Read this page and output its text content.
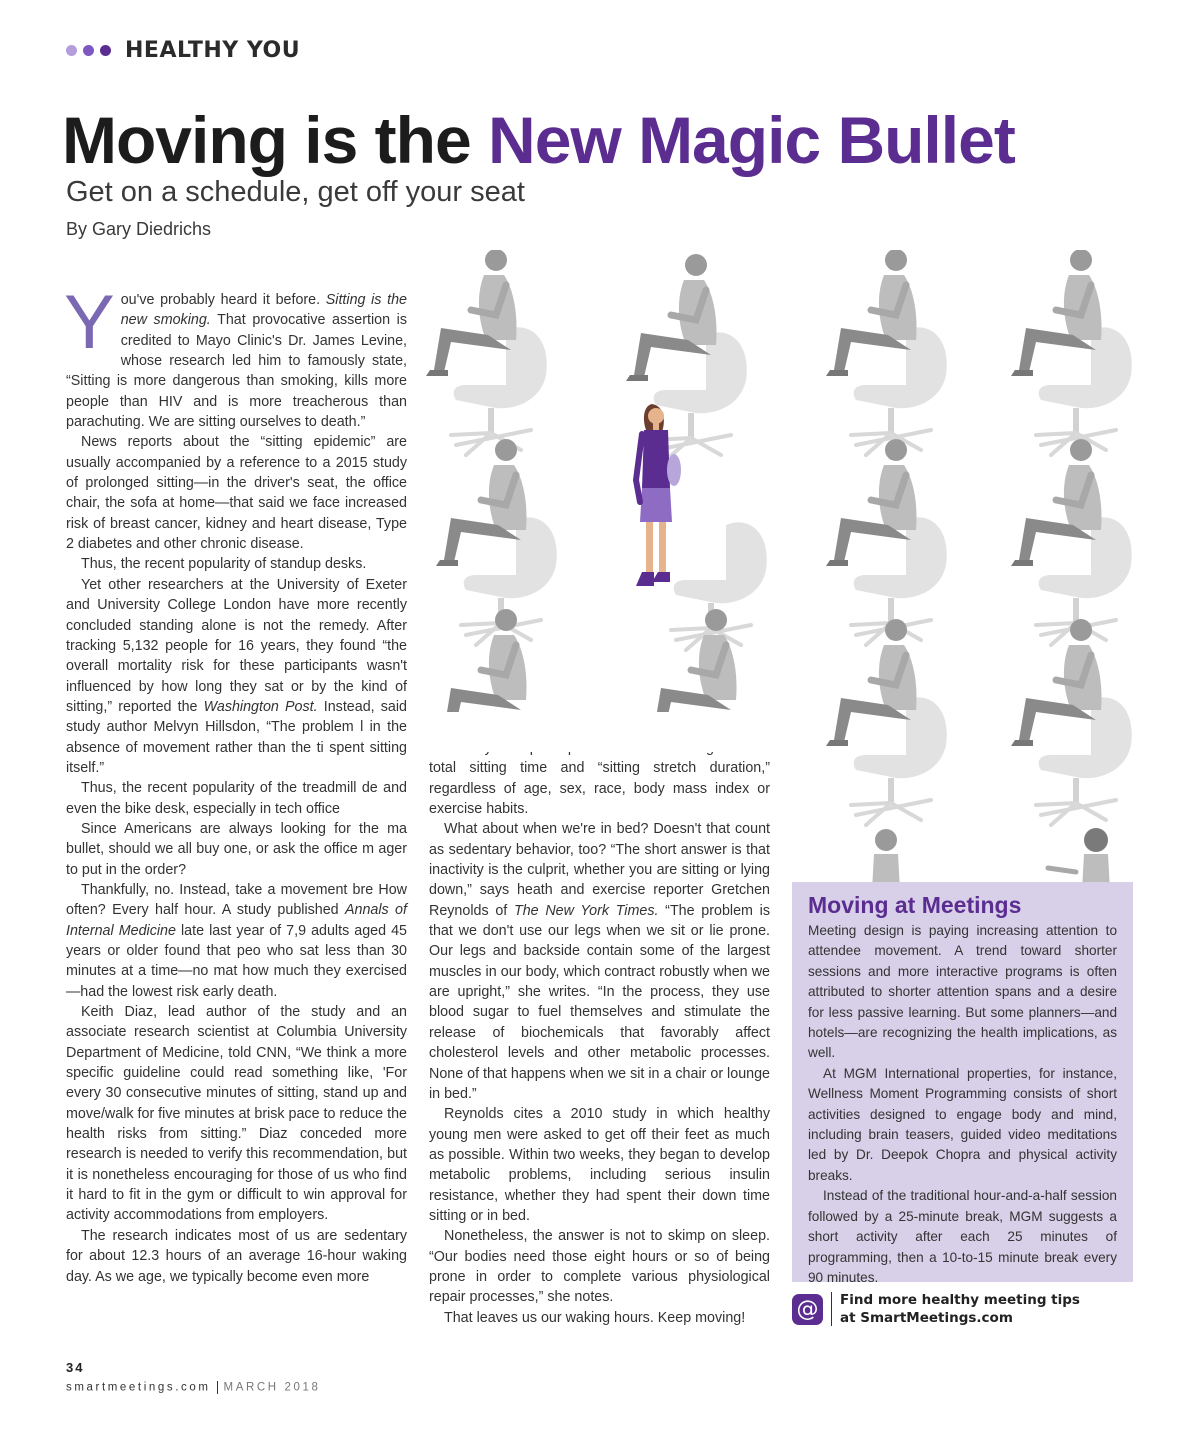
HEALTHY YOU
Moving is the New Magic Bullet
Get on a schedule, get off your seat
By Gary Diedrichs
Y ou've probably heard it before. Sitting is the new smoking. That provocative assertion is credited to Mayo Clinic's Dr. James Levine, whose research led him to famously state, “Sitting is more dangerous than smoking, kills more people than HIV and is more treacherous than parachuting. We are sitting ourselves to death.”

News reports about the “sitting epidemic” are usually accompanied by a reference to a 2015 study of prolonged sitting—in the driver's seat, the office chair, the sofa at home—that said we face increased risk of breast cancer, kidney and heart disease, Type 2 diabetes and other chronic disease.

Thus, the recent popularity of standup desks.

Yet other researchers at the University of Exeter and University College London have more recently concluded standing alone is not the remedy. After tracking 5,132 people for 16 years, they found “the overall mortality risk for these participants wasn't influenced by how long they sat or by the kind of sitting,” reported the Washington Post. Instead, said study author Melvyn Hillsdon, “The problem l in the absence of movement rather than the ti spent sitting itself.”

Thus, the recent popularity of the treadmill de and even the bike desk, especially in tech office

Since Americans are always looking for the ma bullet, should we all buy one, or ask the office m ager to put in the order?

Thankfully, no. Instead, take a movement bre How often? Every half hour. A study published Annals of Internal Medicine late last year of 7,9 adults aged 45 years or older found that peo who sat less than 30 minutes at a time—no mat how much they exercised—had the lowest risk early death.

Keith Diaz, lead author of the study and an associate research scientist at Columbia University Department of Medicine, told CNN, “We think a more specific guideline could read something like, 'For every 30 consecutive minutes of sitting, stand up and move/walk for five minutes at brisk pace to reduce the health risks from sitting.” Diaz conceded more research is needed to verify this recommendation, but it is nonetheless encouraging for those of us who find it hard to fit in the gym or difficult to win approval for activity accommodations from employers.

The research indicates most of us are sedentary for about 12.3 hours of an average 16-hour waking day. As we age, we typically become even more

total sitting time and “sitting stretch duration,” regardless of age, sex, race, body mass index or exercise habits.

What about when we're in bed? Doesn't that count as sedentary behavior, too? “The short answer is that inactivity is the culprit, whether you are sitting or lying down,” says heath and exercise reporter Gretchen Reynolds of The New York Times. “The problem is that we don't use our legs when we sit or lie prone. Our legs and backside contain some of the largest muscles in our body, which contract robustly when we are upright,” she writes. “In the process, they use blood sugar to fuel themselves and stimulate the release of biochemicals that favorably affect cholesterol levels and other metabolic processes. None of that happens when we sit in a chair or lounge in bed.”

Reynolds cites a 2010 study in which healthy young men were asked to get off their feet as much as possible. Within two weeks, they began to develop metabolic problems, including serious insulin resistance, whether they had spent their down time sitting or in bed.

Nonetheless, the answer is not to skimp on sleep. “Our bodies need those eight hours or so of being prone in order to complete various physiological repair processes,” she notes.

That leaves us our waking hours. Keep moving!

Moving at Meetings

Meeting design is paying increasing attention to attendee movement. A trend toward shorter sessions and more interactive programs is often attributed to shorter attention spans and a desire for less passive learning. But some planners—and hotels—are recognizing the health implications, as well.

At MGM International properties, for instance, Wellness Moment Programming consists of short activities designed to engage body and mind, including brain teasers, guided video meditations led by Dr. Deepok Chopra and physical activity breaks.

Instead of the traditional hour-and-a-half session followed by a 25-minute break, MGM suggests a short activity after each 25 minutes of programming, then a 10-to-15 minute break every 90 minutes.

@	Find more healthy meeting tips
at SmartMeetings.com
34
smartmeetings.com MARCH 2018
